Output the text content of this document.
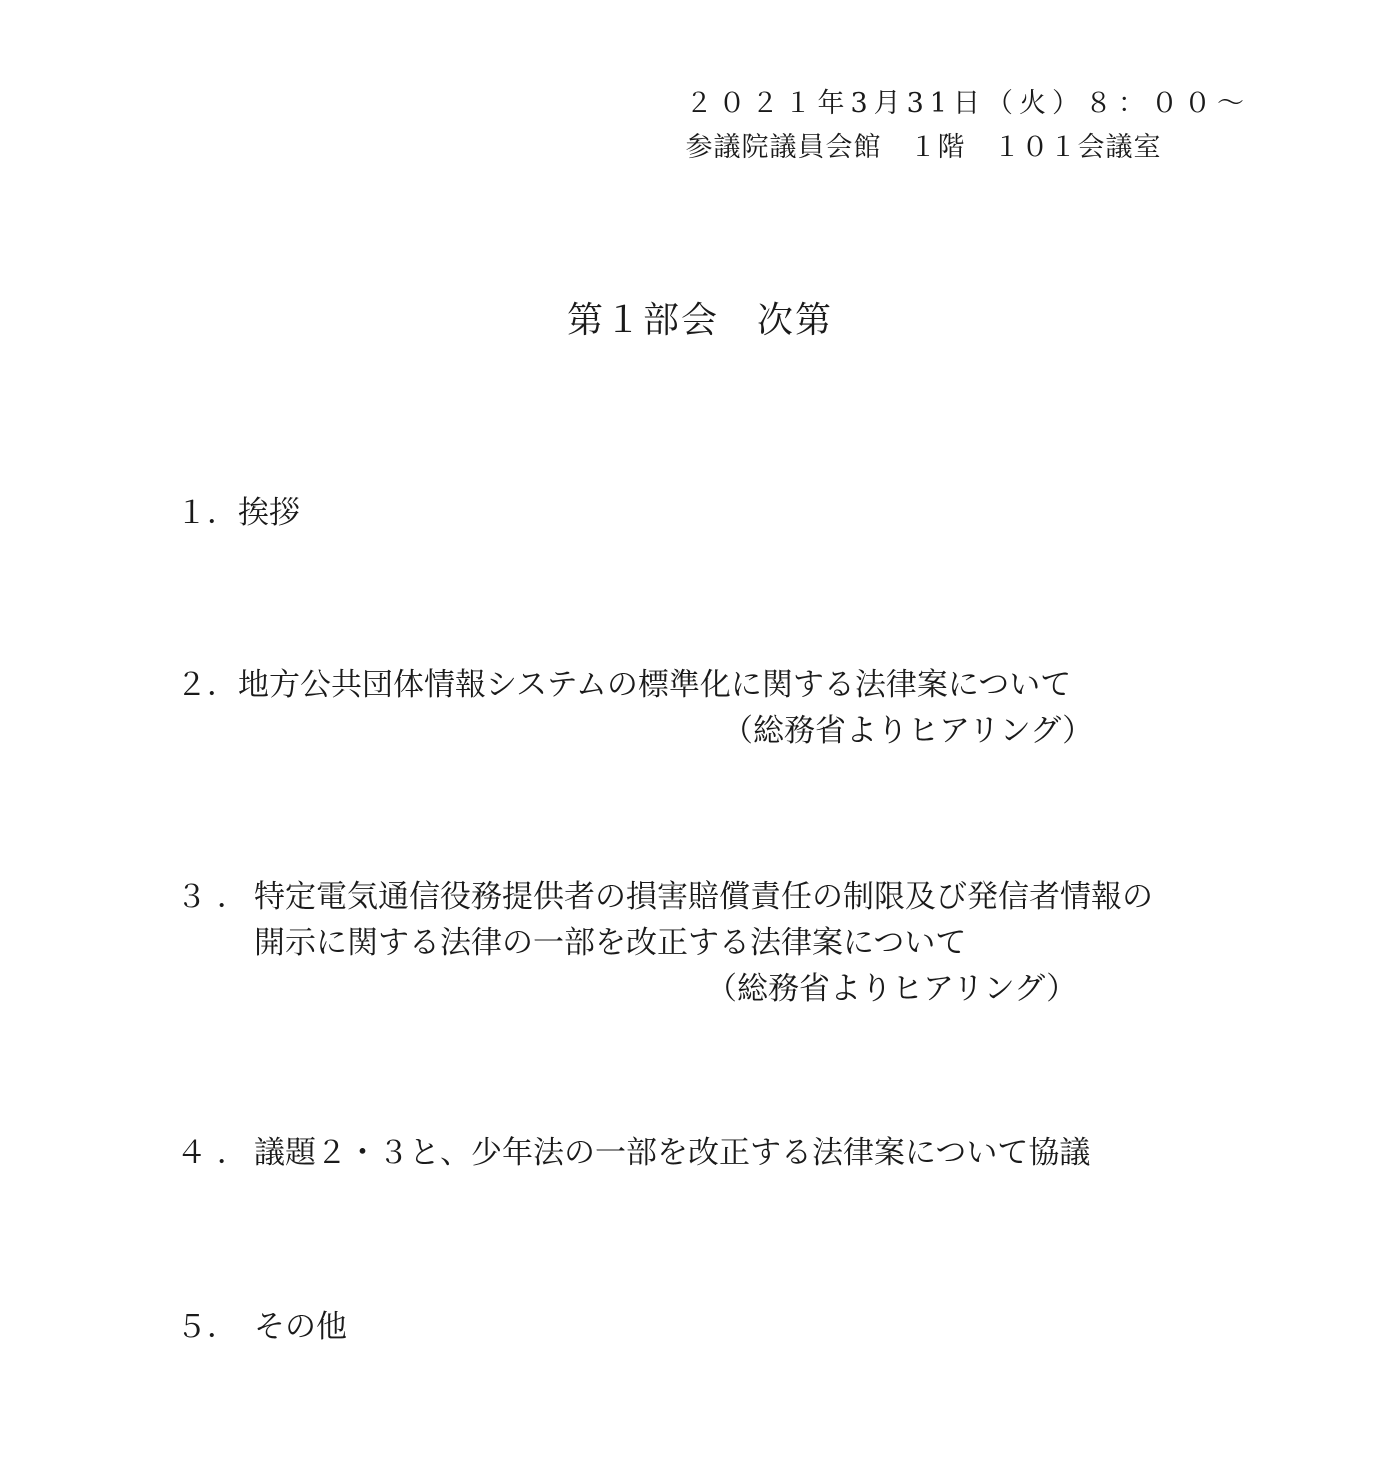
２０２１年3月31日（火）８：００～
参議院議員会館　１階　１０１会議室
第１部会　次第
１．挨拶
２．地方公共団体情報システムの標準化に関する法律案について
（総務省よりヒアリング）
３ ． 特定電気通信役務提供者の損害賠償責任の制限及び発信者情報の
開示に関する法律の一部を改正する法律案について
（総務省よりヒアリング）
４ ． 議題２・３と、少年法の一部を改正する法律案について協議
５． その他
